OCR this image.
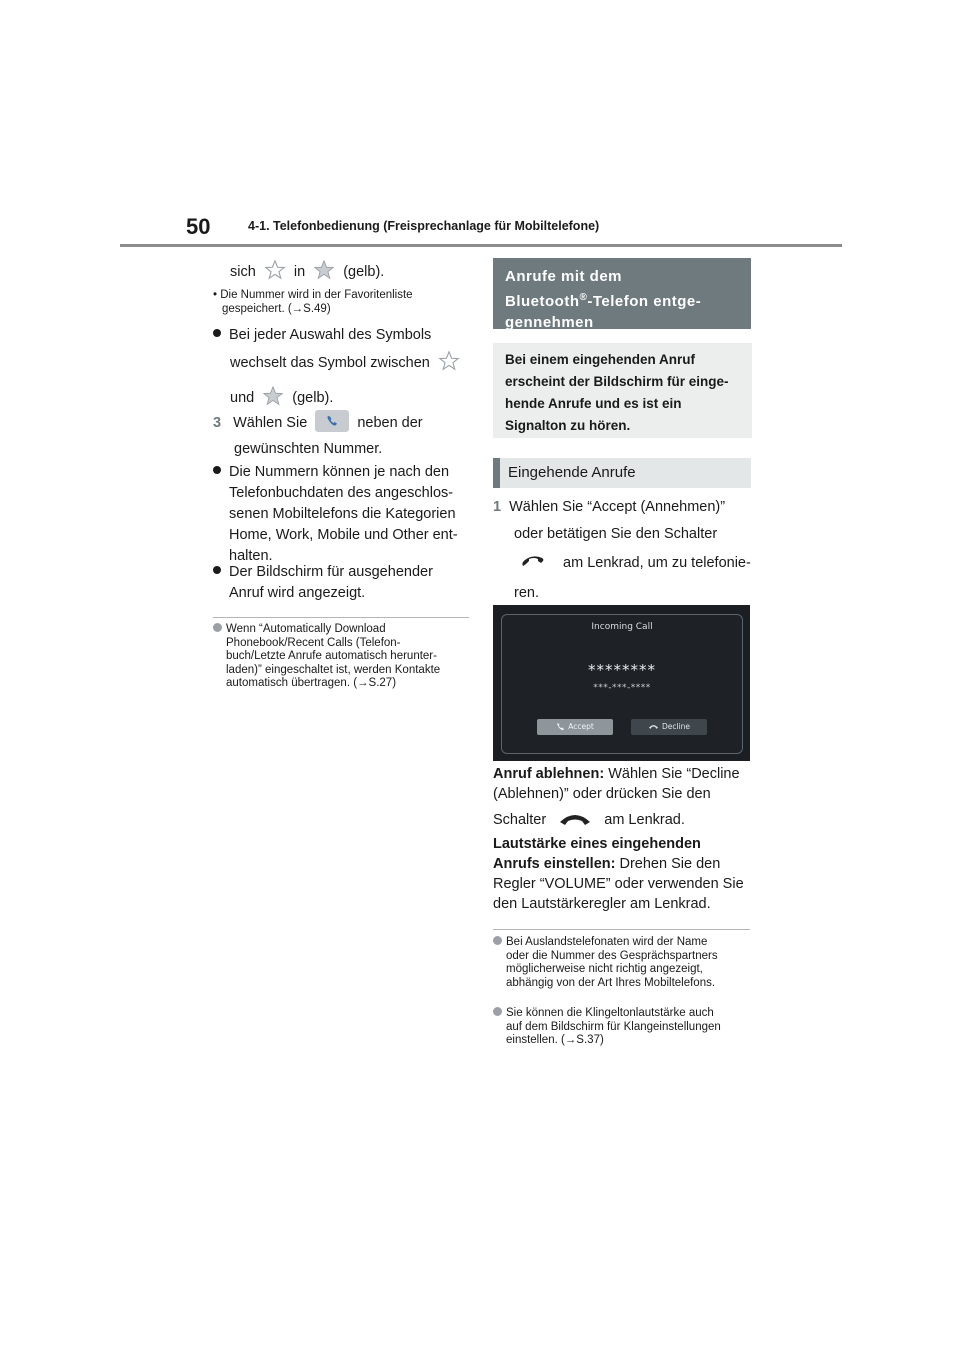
50	4-1. Telefonbedienung (Freisprechanlage für Mobiltelefone)
sich	in	(gelb).
• Die Nummer wird in der Favoritenliste
gespeichert. (→S.49)
Bei jeder Auswahl des Symbols
wechselt das Symbol zwischen
und	(gelb).
3 Wählen Sie	neben der
gewünschten Nummer.
Die Nummern können je nach den
Telefonbuchdaten des angeschlos-
senen Mobiltelefons die Kategorien
Home, Work, Mobile und Other ent-
halten.
Der Bildschirm für ausgehender
Anruf wird angezeigt.
Wenn “Automatically Download
Phonebook/Recent Calls (Telefon-
buch/Letzte Anrufe automatisch herunter-
laden)” eingeschaltet ist, werden Kontakte
automatisch übertragen. (→S.27)
Anrufe mit dem
Bluetooth®-Telefon entge-
gennehmen
Bei einem eingehenden Anruf
erscheint der Bildschirm für einge-
hende Anrufe und es ist ein
Signalton zu hören.
Eingehende Anrufe
1 Wählen Sie “Accept (Annehmen)”
oder betätigen Sie den Schalter
am Lenkrad, um zu telefonie-
ren.
Incoming Call
********
***-***-****
Accept	Decline
Anruf ablehnen: Wählen Sie “Decline
(Ablehnen)” oder drücken Sie den
Schalter	am Lenkrad.
Lautstärke eines eingehenden
Anrufs einstellen: Drehen Sie den
Regler “VOLUME” oder verwenden Sie
den Lautstärkeregler am Lenkrad.
Bei Auslandstelefonaten wird der Name
oder die Nummer des Gesprächspartners
möglicherweise nicht richtig angezeigt,
abhängig von der Art Ihres Mobiltelefons.
Sie können die Klingeltonlautstärke auch
auf dem Bildschirm für Klangeinstellungen
einstellen. (→S.37)
